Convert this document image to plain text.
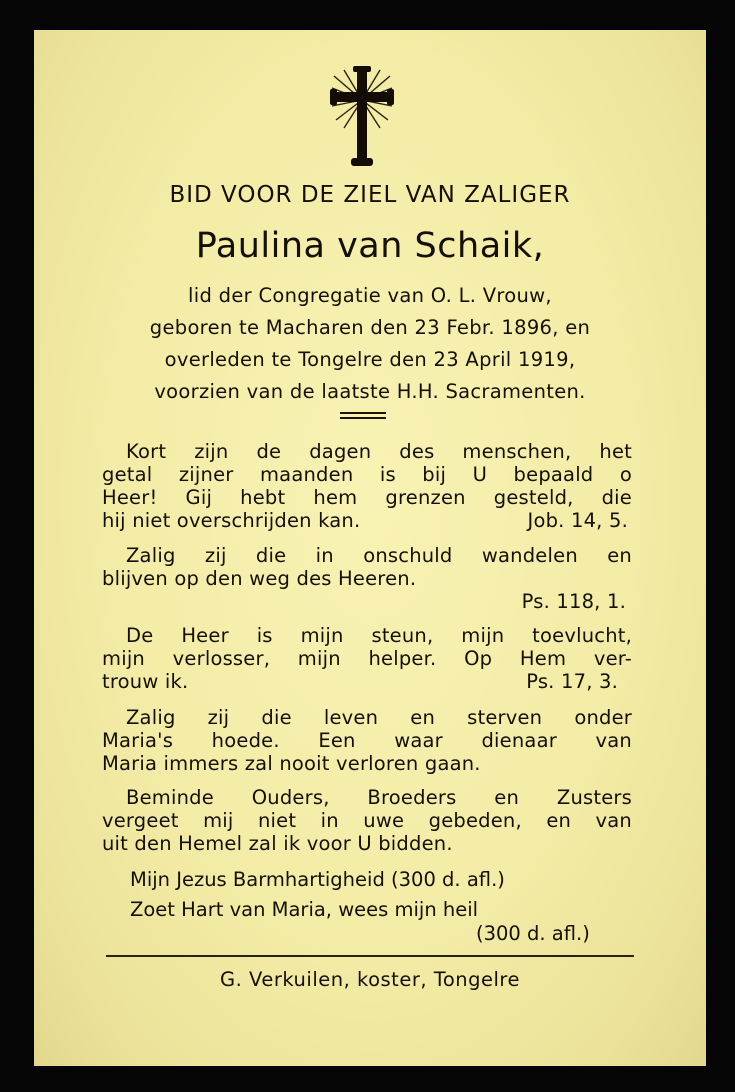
BID VOOR DE ZIEL VAN ZALIGER
Paulina van Schaik,
lid der Congregatie van O. L. Vrouw,
geboren te Macharen den 23 Febr. 1896, en
overleden te Tongelre den 23 April 1919,
voorzien van de laatste H.H. Sacramenten.
Kort zijn de dagen des menschen, het
getal zijner maanden is bij U bepaald o
Heer! Gij hebt hem grenzen gesteld, die
hij niet overschrijden kan.	Job. 14, 5.
Zalig zij die in onschuld wandelen en
blijven op den weg des Heeren.
Ps. 118, 1.
De Heer is mijn steun, mijn toevlucht,
mijn verlosser, mijn helper. Op Hem ver-
trouw ik.	Ps. 17, 3.
Zalig zij die leven en sterven onder
Maria's hoede. Een waar dienaar van
Maria immers zal nooit verloren gaan.
Beminde Ouders, Broeders en Zusters
vergeet mij niet in uwe gebeden, en van
uit den Hemel zal ik voor U bidden.
Mijn Jezus Barmhartigheid (300 d. afl.)
Zoet Hart van Maria, wees mijn heil
(300 d. afl.)
G. Verkuilen, koster, Tongelre
